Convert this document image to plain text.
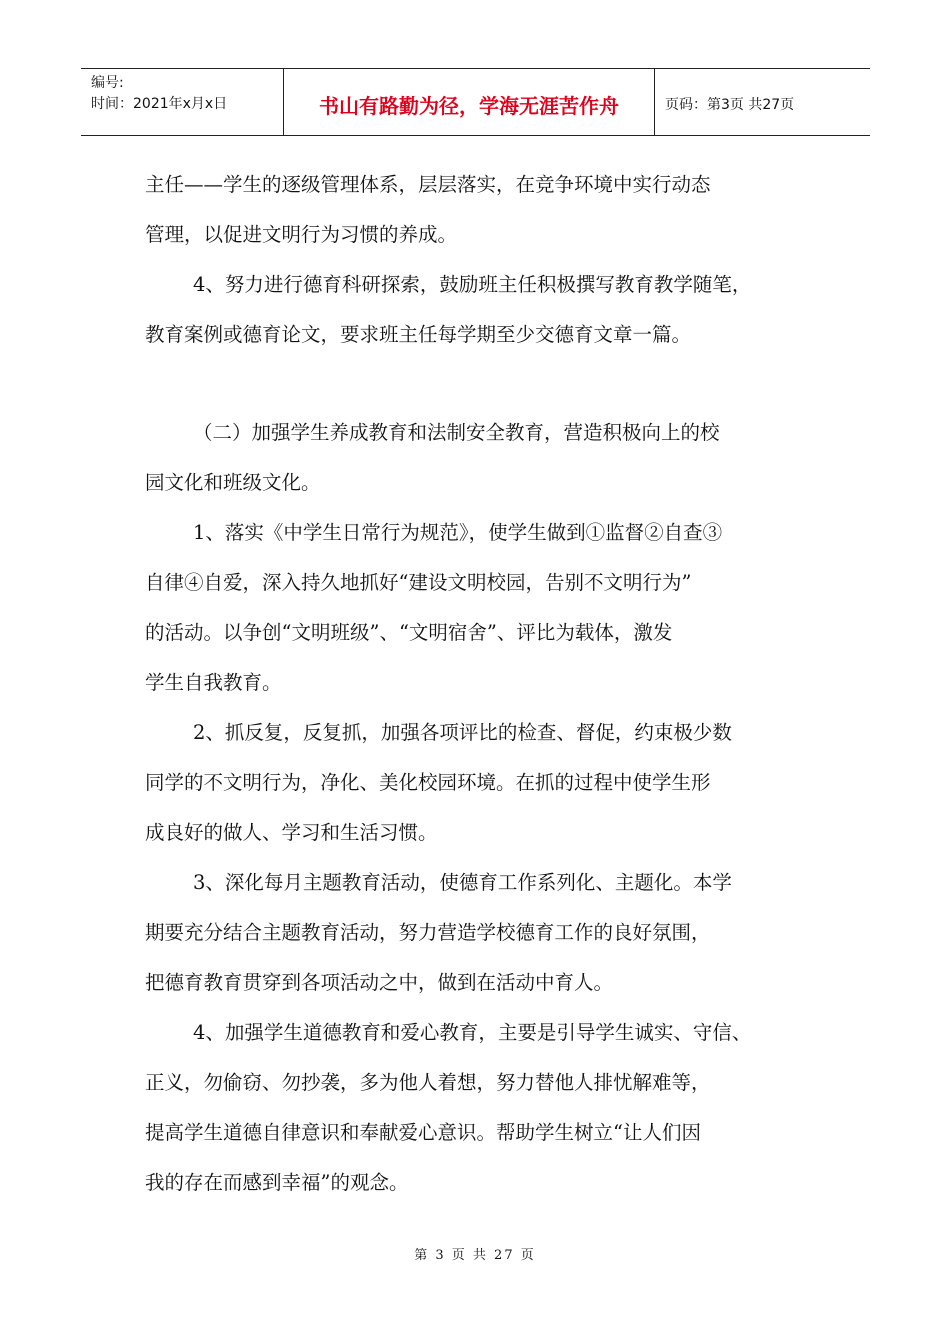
编号:
时间：2021年x月x日	书山有路勤为径，学海无涯苦作舟	页码：第3页 共27页
主任——学生的逐级管理体系，层层落实，在竞争环境中实行动态
管理，以促进文明行为习惯的养成。
4、努力进行德育科研探索，鼓励班主任积极撰写教育教学随笔，
教育案例或德育论文，要求班主任每学期至少交德育文章一篇。
（二）加强学生养成教育和法制安全教育，营造积极向上的校
园文化和班级文化。
1、落实《中学生日常行为规范》，使学生做到①监督②自查③
自律④自爱，深入持久地抓好“建设文明校园，告别不文明行为”
的活动。以争创“文明班级”、“文明宿舍”、评比为载体，激发
学生自我教育。
2、抓反复，反复抓，加强各项评比的检查、督促，约束极少数
同学的不文明行为，净化、美化校园环境。在抓的过程中使学生形
成良好的做人、学习和生活习惯。
3、深化每月主题教育活动，使德育工作系列化、主题化。本学
期要充分结合主题教育活动，努力营造学校德育工作的良好氛围，
把德育教育贯穿到各项活动之中，做到在活动中育人。
4、加强学生道德教育和爱心教育，主要是引导学生诚实、守信、
正义，勿偷窃、勿抄袭，多为他人着想，努力替他人排忧解难等，
提高学生道德自律意识和奉献爱心意识。帮助学生树立“让人们因
我的存在而感到幸福”的观念。
第 3 页 共 27 页
